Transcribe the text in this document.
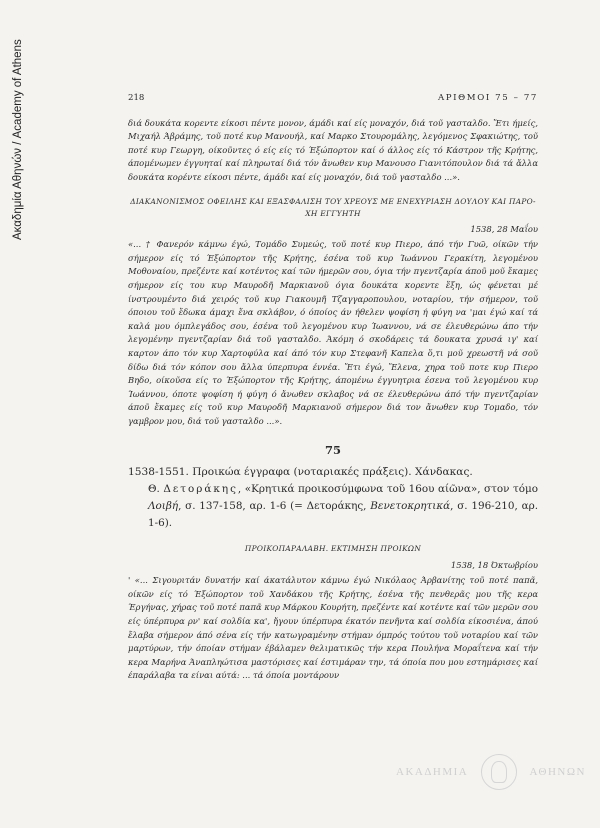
Ακαδημία Αθηνών / Academy of Athens	218	ΑΡΙΘΜΟΙ 75 – 77

διά δουκάτα κορεντε είκοσι πέντε μονον, άμάδι καί είς μοναχόν, διά τοῦ γασταλδο. Ἔτι ήμείς, Μιχαήλ Άβράμης, τοῦ ποτέ κυρ Μανουήλ, καί Μαρκο Στουρομάλης, λεγόμενος Σφακιώτης, τοῦ ποτέ κυρ Γεωργη, οίκοῦντες ό είς είς τό Έξώπορτον καί ό άλλος είς τό Κάστρον τῆς Κρήτης, άπομένωμεν έγγυηταί καί πληρωταί διά τόν ἄνωθεν κυρ Μανουσο Γιανιτόπουλον διά τά ἄλλα δουκάτα κορέντε είκοσι πέντε, άμάδι καί είς μοναχόν, διά τοῦ γασταλδο ...».

ΔΙΑΚΑΝΟΝΙΣΜΟΣ ΟΦΕΙΛΗΣ ΚΑΙ ΕΞΑΣΦΑΛΙΣΗ ΤΟΥ ΧΡΕΟΥΣ ΜΕ ΕΝΕΧΥΡΙΑΣΗ ΔΟΥΛΟΥ ΚΑΙ ΠΑΡΟ-ΧΗ ΕΓΓΥΗΤΗ
1538, 28 Μαΐου

«... † Φανερόν κάμνω έγώ, Τομάδο Συμεώς, τοῦ ποτέ κυρ Πιερο, άπό τήν Γυῶ, οίκῶν τήν σήμερον είς τό Έξώπορτον τῆς Κρήτης, έσένα τοῦ κυρ Ίωάννου Γερακίτη, λεγομένου Μοθοναίου, πρεζέντε καί κοτέντος καί τῶν ήμερῶν σου, όγια τήν πγεντζαρία άποῦ μοῦ ἔκαμες σήμερον είς του κυρ Μαυροδῆ Μαρκιανοῦ όγια δουκάτα κορεντε ἕξη, ώς φένεται μέ ίνστρουμέντο διά χειρός τοῦ κυρ Γιακουμῆ Τζαγγαροπουλου, νοταρίου, τήν σήμερον, τοῦ όποιου τοῦ ἔδωκα άμαχι ἕνα σκλάβον, ό όποίος άν ήθελεν ψοφίση ή φύγη να 'μαι έγώ καί τά καλά μου όμπλεγάδος σου, έσένα τοῦ λεγομένου κυρ Ίωαννου, νά σε έλευθερώνω άπο τήν λεγομένην πγεντζαρίαν διά τοῦ γασταλδο. Άκόμη ό σκοδάρεις τά δουκατα χρυσά ιγ' καί καρτον άπο τόν κυρ Χαρτοφύλα καί άπό τόν κυρ Στεφανῆ Καπελα ὅ,τι μοῦ χρεωστῆ νά σοῦ δίδω διά τόν κόπον σου ἄλλα ύπερπυρα έννέα. Ἔτι έγώ, Ἕλενα, χηρα τοῦ ποτε κυρ Πιερο Βηδο, οίκοῦσα είς το Έξώπορτον τῆς Κρήτης, άπομένω έγγυητρια έσενα τοῦ λεγομένου κυρ Ίωάννου, όποτε ψοφίση ή φύγη ό ἄνωθεν σκλαβος νά σε έλευθερώνω άπό τήν πγεντζαρίαν άποῦ ἔκαμες είς τοῦ κυρ Μαυροδῆ Μαρκιανοῦ σήμερον διά τον ἄνωθεν κυρ Τομαδο, τόν γαμβρον μου, διά τοῦ γασταλδο ...».

75
1538-1551. Προικώα έγγραφα (νοταριακές πράξεις). Χάνδακας.
Θ. Δετοράκης, «Κρητικά προικοσύμφωνα τοῦ 16ου αίῶνα», στον τόμο Λοιβή, σ. 137-158, αρ. 1-6 (= Δετοράκης, Βενετοκρητικά, σ. 196-210, αρ. 1-6).
ΠΡΟΙΚΟΠΑΡΑΛΑΒΗ. ΕΚΤΙΜΗΣΗ ΠΡΟΙΚΩΝ
1538, 18 Όκτωβρίου

' «... Σιγουριτάν δυνατήν καί άκατάλυτον κάμνω έγώ Νικόλαος Άρβανίτης τοῦ ποτέ παπᾶ, οίκῶν είς τό Έξώπορτον τοῦ Χανδάκου τῆς Κρήτης, έσένα τῆς πενθερᾶς μου τῆς κερα Έργήνας, χήρας τοῦ ποτέ παπᾶ κυρ Μάρκου Κουρήτη, πρεζέντε καί κοτέντε καί τῶν μερῶν σου είς ύπέρπυρα ρν' καί σολδία κα', ἤγουν ύπέρπυρα έκατόν πενῆντα καί σολδία είκοσιένα, άπού ἔλαβα σήμερον άπό σένα είς τήν κατωγραμένην στήμαν όμπρός τούτου τοῦ νοταρίου καί τῶν μαρτύρων, τήν όποίαν στήμαν έβάλαμεν θελιματικῶς τήν κερα Πουλήνα Μοραΐτενα καί τήν κερα Μαρήνα Άναπληώτισα μαστόρισες καί έστιμάραν την, τά όποία που μου εστημάρισες καί έπαράλαβα τα είναι αύτά: ... τά όποία μοντάρουν

ΑΚΑΔΗΜΙΑ	ΑΘΗΝΩΝ
